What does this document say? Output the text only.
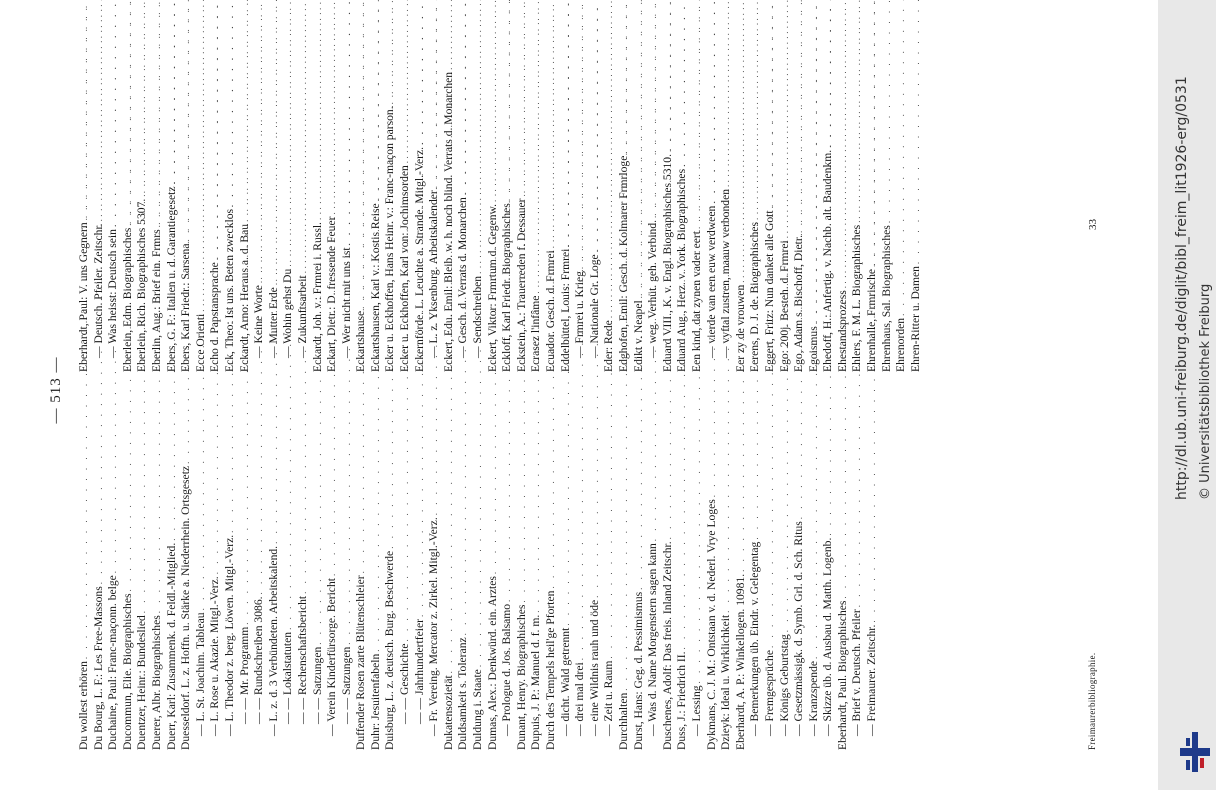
— 513 —
Du wollest erhören
. . . Du Bourg, L. F.: Les Free-Massons
. . . Duchaine, Paul: Franc-maçonn. belge
. . . Ducommun, Elie. Biographisches
. . . Duentzer, Heinr.: Bundeslied
. . . Duerer, Albr. Biographisches
. . . Duerr, Karl: Zusammenk. d. Feldl.-Mitglied.
. . . Duesseldorf. L. z. Hoffn. u. Stärke a. Niederrhein. Ortsgesetz
. . . — L. St. Joachim. Tableau
. . . — L. Rose u. Akazie. Mitgl.-Verz.
. . . — L. Theodor z. berg. Löwen. Mitgl.-Verz.
. . . — — Mr. Programm
. . . — — Rundschreiben 3086.
. . . — L. z. d. 3 Verbündeten. Arbeitskalend.
. . . — — Lokalstatuten
. . . — — Rechenschaftsbericht
. . . — — Satzungen
. . . — Verein Kinderfürsorge. Bericht
. . . — — Satzungen
. . . Duffender Rosen zarte Blütenschleier
. . . Duhr: Jesuitenfabeln
. . . Duisburg, L. z. deutsch. Burg. Beschwerde
. . . — — Geschichte
. . . — — Jahrhundertfeier
. . . — Fr. Vereing. Mercator z. Zirkel. Mitgl.-Verz.
. . . Dukatensozietät
. . . Duldsamkeit s. Toleranz
. . . Duldung i. Staate
. . . Dumas, Alex.: Denkwürd. ein. Arztes
. . . — Prologue d. Jos. Balsamo
. . . Dunant, Henry. Biographisches
. . . Dupuis, J. P.: Manuel d. f. m.
. . . Durch des Tempels heil'ge Pforten
. . . — dicht. Wald getrennt
. . . — drei mal drei
. . . — eine Wildnis rauh und öde
. . . — Zeit u. Raum
. . . Durchhalten . . . Durst, Hans: Geg. d. Pessimismus
. . . — Was d. Name Morgenstern sagen kann
. . . Duschenes, Adolf: Das freis. Inland Zeitschr.
. . . Duss, J.: Friedrich II.
. . . — Lessing . . . Dykmans, C. J. M.: Ontstaan v. d. Nederl. Vrye Loges
. . . Dzieyk: Ideal u. Wirklichkeit
. . . Eberhardt, A. P.: Winkellogen. 10981.
. . . — Bemerkungen üb. Eindr. v. Gelegentag
. . . — Fremgesprüche
. . . — Königs Geburtstag
. . . — Gesetzmässigk. d. Symb. Grl. d. Sch. Ritus
. . . — Kranzspende . . . — Skizze üb. d. Ausbau d. Matth. Logenb.
. . . Eberhardt, Paul. Biographisches
. . . — Brief v. Deutsch. Pfeiler
. . . — Freimaurer. Zeitschr.
. . .
Eberhardt, Paul: V. uns Gegnern
. . . — Deutsch. Pfeiler. Zeitschr.
. . . — Was heisst: Deutsch sein
. . . Eberlein, Edm. Biographisches
. . . Eberlein, Rich. Biographisches 5307.
. . . Eberlin, Aug.: Brief ein. Frmrs
. . . Ebers, G. F.: Italien u. d. Garantiegesetz
. . . Ebers, Karl Friedr.: Sarsena
. . . Ecce Orienti
. . . Echo d. Papstansprache
. . . Eck, Theo: Ist uns. Beten zwecklos
. . . Eckardt, Arno: Heraus a. d. Bau
. . . — Keine Worte
. . . — Mutter Erde
. . . — Wohin gehst Du
. . . — Zukunftsarbeit
. . . Eckardt, Joh. v.: Frmrei i. Russl.
. . . Eckart, Dietr.: D. fressende Feuer
. . . — Wer nicht mit uns ist
. . . Eckartshause . . . Eckartshausen, Karl v.: Kostis Reise
. . . Ecker u. Eckhoffen, Hans Heinr. v.: Franc-maçon parson.
. . . Ecker u. Eckhoffen, Karl von: Jochimsorden
. . . Eckernförde. L. Leuchte a. Strande. Mitgl.-Verz.
. . . — L. z. Yksenburg. Arbeitskalender
. . . Eckert, Edu. Emil: Bleib. w. h. noch blind. Verrats d. Monarchen
. . . — Gesch. d. Verrats d. Monarchen
. . . — Sendschreiben
. . . Eckert, Viktor: Frmrtum d. Gegenw.
. . . Eckloff, Karl Friedr. Biographisches
. . . Eckstein, A.: Trauerreden f. Dessauer
. . . Ecrasez l'infâme
. . . Ecuador. Gesch. d. Frmrei
. . . Eddelbüttel, Louis: Frmrei
. . . — Frmrei u. Krieg
. . . — Nationale Gr. Loge
. . . Eder: Rede . . . Edghofen, Emil: Gesch. d. Kolmarer Frmrloge
. . . Edikt v. Neapel . . . — weg. Verhüt. geh. Verbind.
. . . Eduard VIII., K. v. Engl. Biographisches 5310.
. . . Eduard Aug., Herz. v. York. Biographisches
. . . Een kind, dat zynen vader eert
. . . — vierde van een euw verdween
. . . — vyftal zustren, maauw verbonden
. . . Eer zy de vrouwen
. . . Eerens, D. J. de. Biographisches
. . . Eggert, Fritz: Nun danket alle Gott
. . . Ego: 200j. Besteh. d. Frmrei
. . . Ego, Adam s. Bischoff, Dietr.
. . . Egoismus . . . Ehedoff, H.: Anfertig. v. Nachb. alt. Baudenkm.
. . . Ehestandsprozess
. . . Ehlers, F. M. L. Biographisches
. . . Ehrenhalle, Frmrische
. . . Ehrenhaus, Sal. Biographisches
. . . Ehrenorden
. . . Ehren-Ritter u. Damen
. . .
Freimaurerbibliographie.
33	http://dl.ub.uni-freiburg.de/diglit/bibl_freim_lit1926-erg/0531 © Universitätsbibliothek Freiburg
